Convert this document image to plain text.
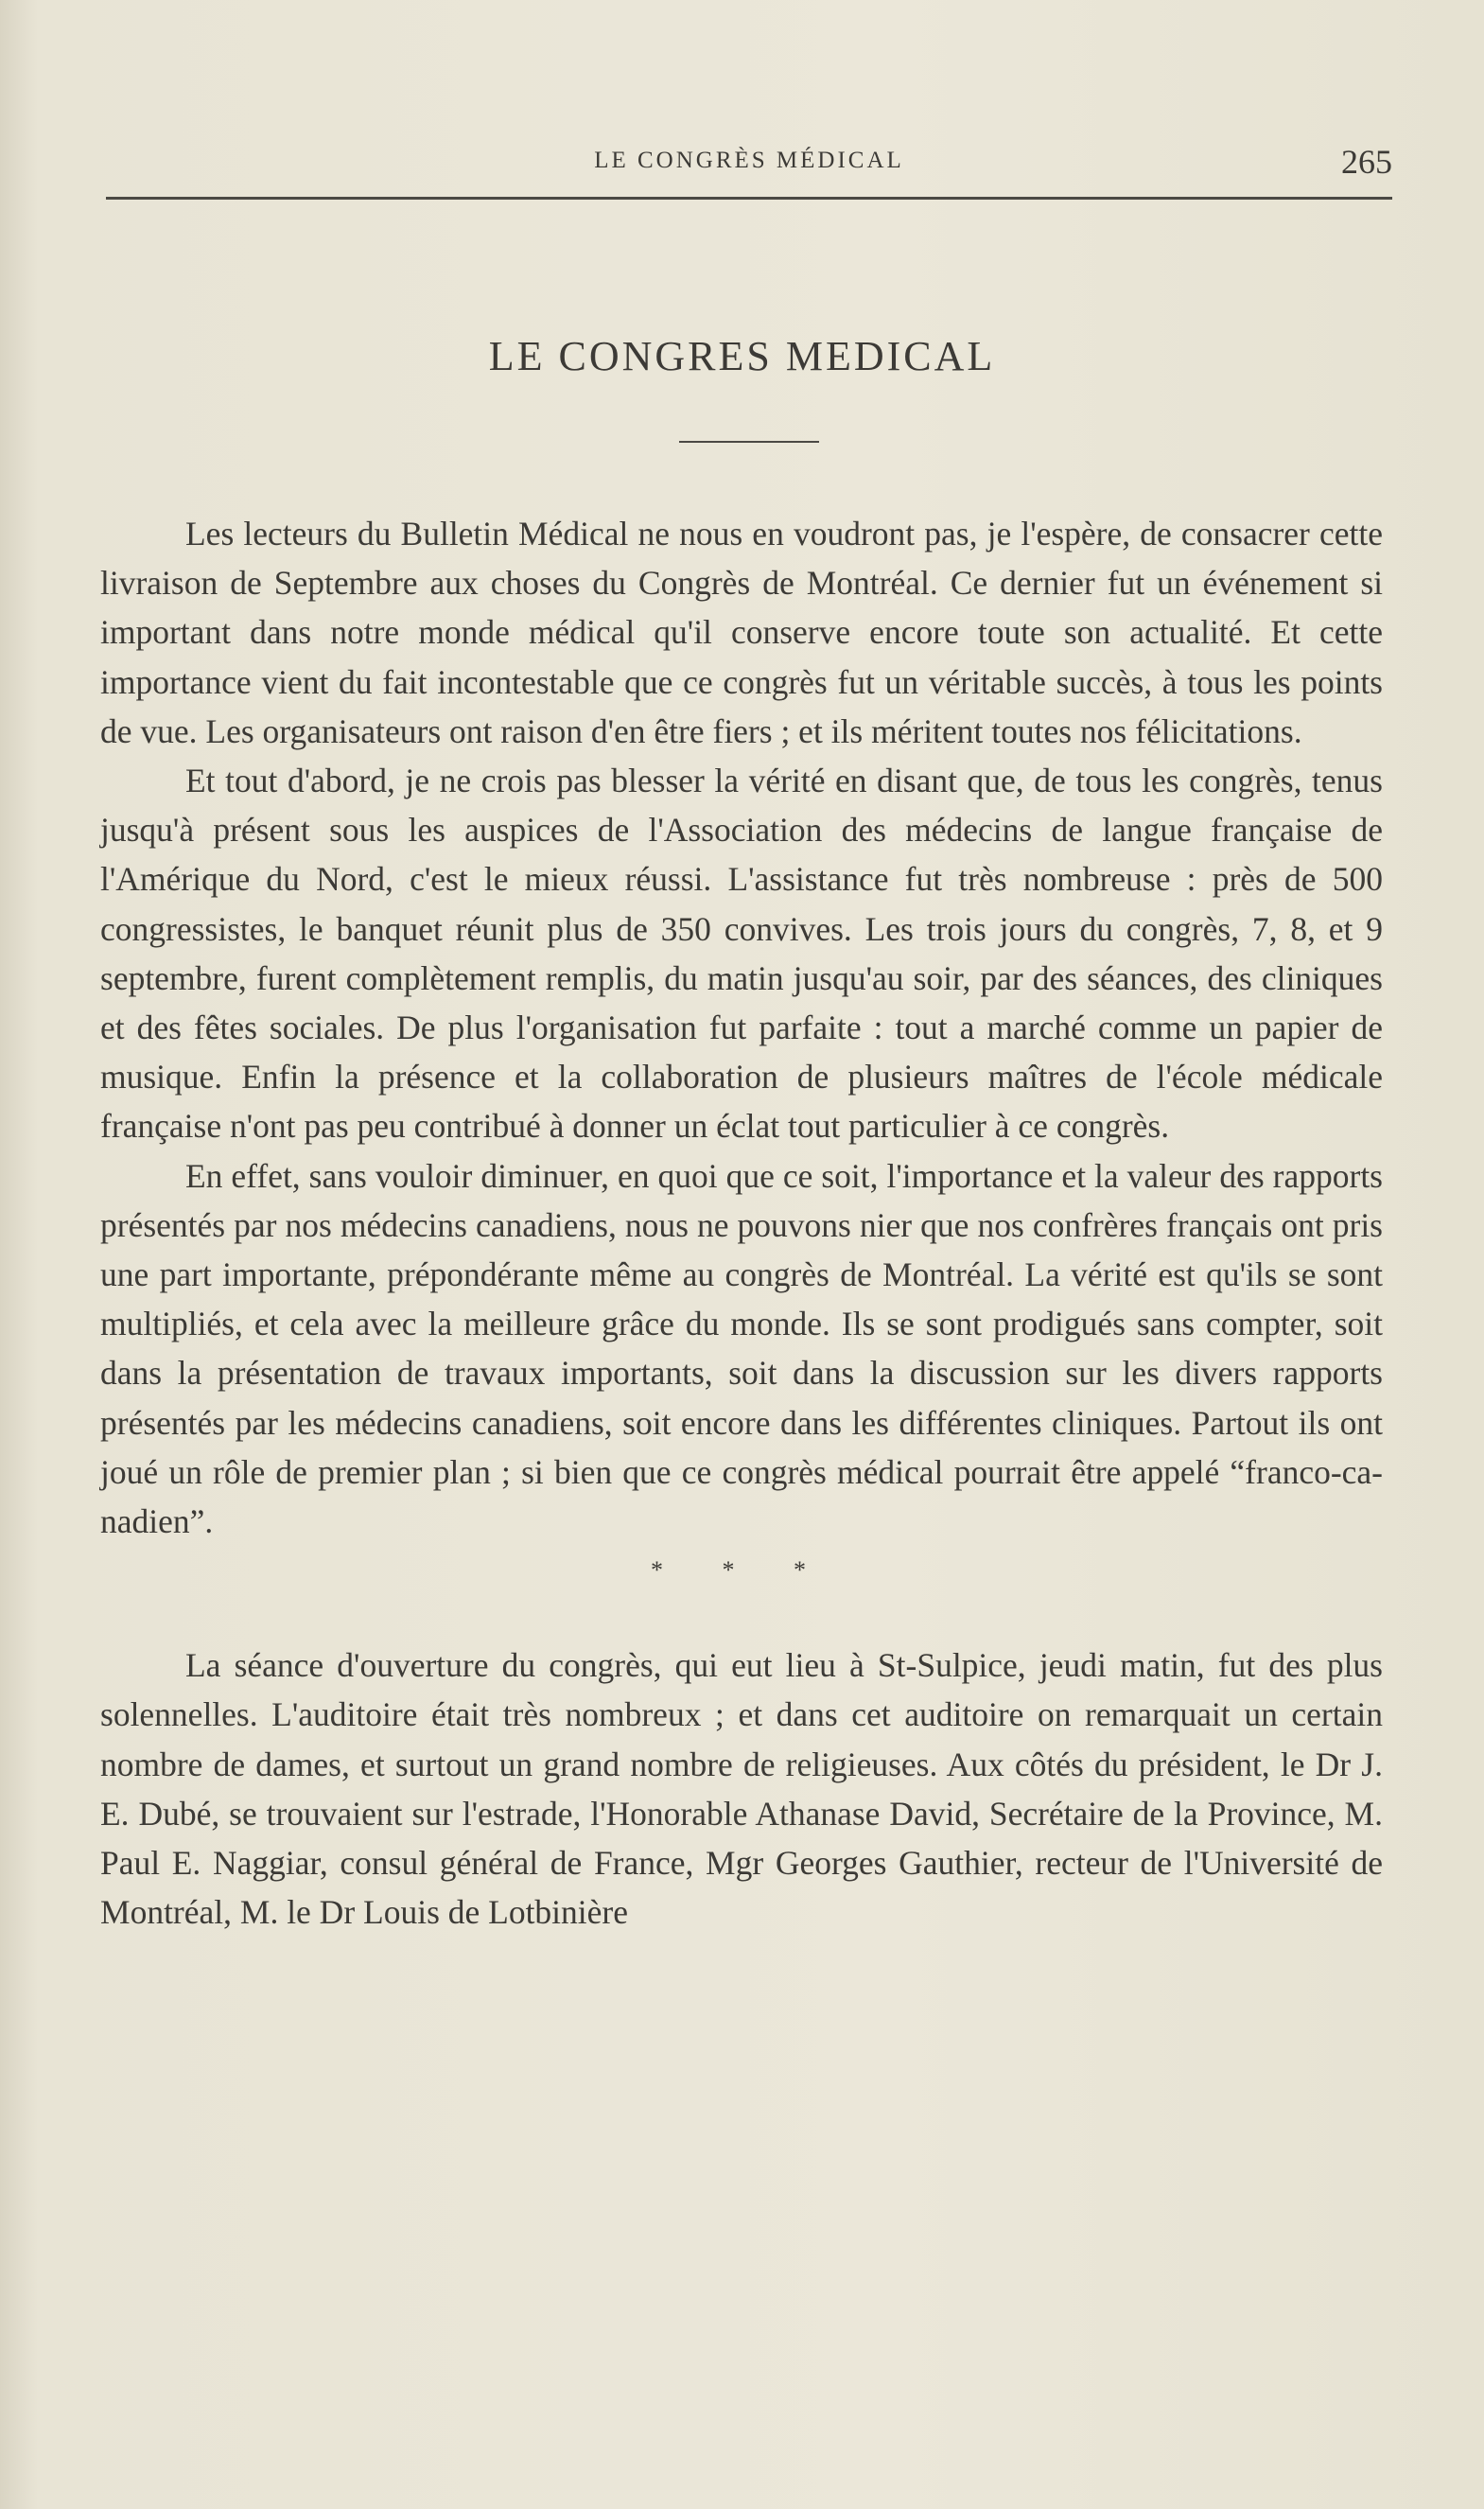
LE CONGRÈS MÉDICAL	265
LE CONGRES MEDICAL

Les lecteurs du Bulletin Médical ne nous en voudront pas, je l'espère, de consacrer cette livraison de Septembre aux choses du Congrès de Montréal. Ce dernier fut un événement si important dans notre monde médical qu'il conserve encore toute son actualité. Et cette importance vient du fait incontestable que ce congrès fut un véritable succès, à tous les points de vue. Les organisateurs ont raison d'en être fiers ; et ils méritent toutes nos félicitations.

Et tout d'abord, je ne crois pas blesser la vérité en disant que, de tous les congrès, tenus jusqu'à présent sous les auspices de l'Association des médecins de langue française de l'Amérique du Nord, c'est le mieux réussi. L'assistance fut très nombreuse : près de 500 congressistes, le banquet réunit plus de 350 convives. Les trois jours du congrès, 7, 8, et 9 septembre, furent complètement remplis, du matin jusqu'au soir, par des séances, des cliniques et des fêtes sociales. De plus l'organisation fut parfaite : tout a marché comme un papier de musique. Enfin la présence et la collaboration de plusieurs maîtres de l'école médicale française n'ont pas peu contribué à donner un éclat tout particulier à ce congrès.

En effet, sans vouloir diminuer, en quoi que ce soit, l'importance et la valeur des rapports présentés par nos médecins canadiens, nous ne pouvons nier que nos confrères français ont pris une part importante, prépondérante même au congrès de Montréal. La vérité est qu'ils se sont multipliés, et cela avec la meilleure grâce du monde. Ils se sont prodigués sans compter, soit dans la présentation de travaux importants, soit dans la discussion sur les divers rapports présentés par les médecins canadiens, soit encore dans les différentes cliniques. Partout ils ont joué un rôle de premier plan ; si bien que ce congrès médical pourrait être appelé “franco-canadien”.

* * *

La séance d'ouverture du congrès, qui eut lieu à St-Sulpice, jeudi matin, fut des plus solennelles. L'auditoire était très nombreux ; et dans cet auditoire on remarquait un certain nombre de dames, et surtout un grand nombre de religieuses. Aux côtés du président, le Dr J. E. Dubé, se trouvaient sur l'estrade, l'Honorable Athanase David, Secrétaire de la Province, M. Paul E. Naggiar, consul général de France, Mgr Georges Gauthier, recteur de l'Université de Montréal, M. le Dr Louis de Lotbinière
